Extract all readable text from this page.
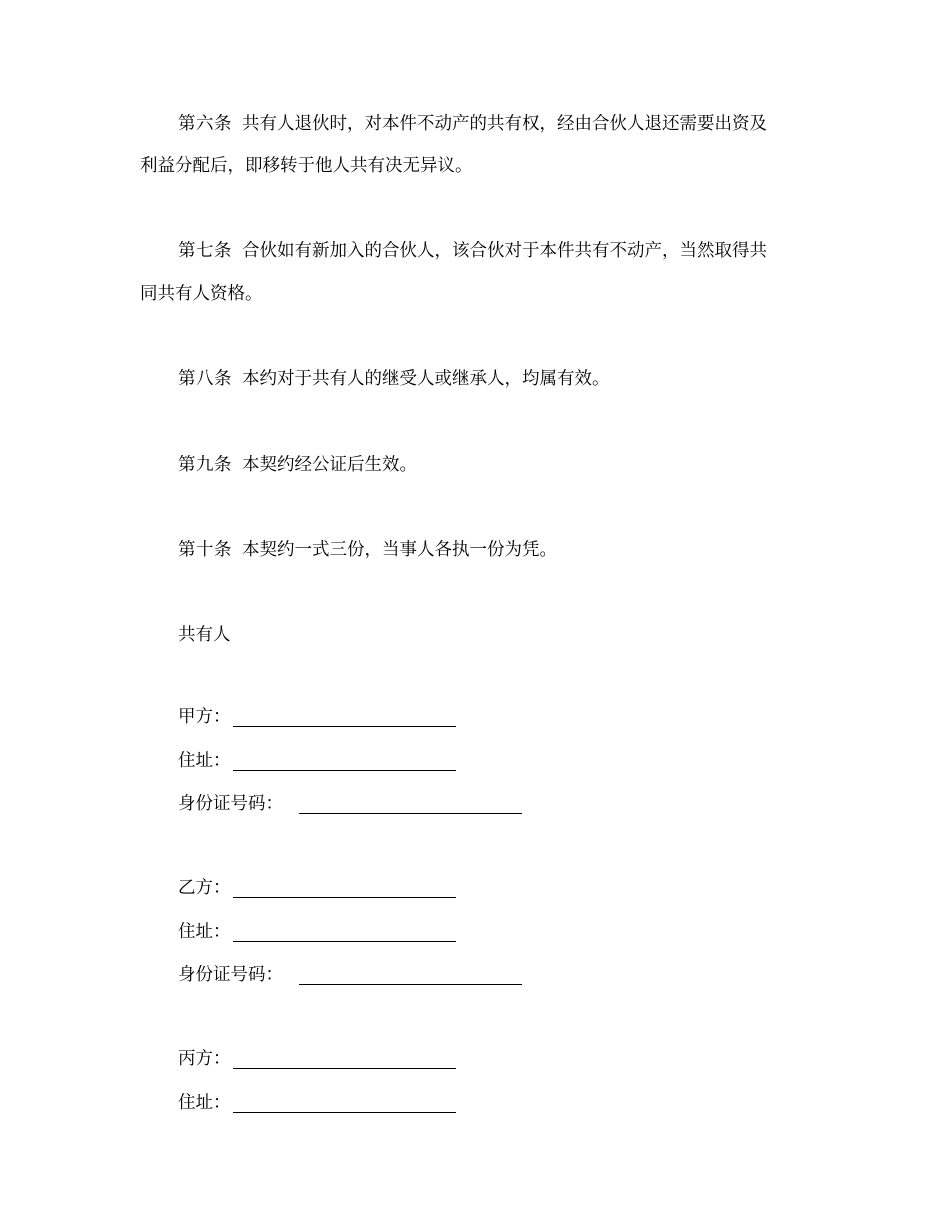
第六条 共有人退伙时，对本件不动产的共有权，经由合伙人退还需要出资及
利益分配后，即移转于他人共有决无异议。
第七条 合伙如有新加入的合伙人，该合伙对于本件共有不动产，当然取得共
同共有人资格。
第八条 本约对于共有人的继受人或继承人，均属有效。
第九条 本契约经公证后生效。
第十条 本契约一式三份，当事人各执一份为凭。
共有人
甲方：
住址：
身份证号码：
乙方：
住址：
身份证号码：
丙方：
住址：
